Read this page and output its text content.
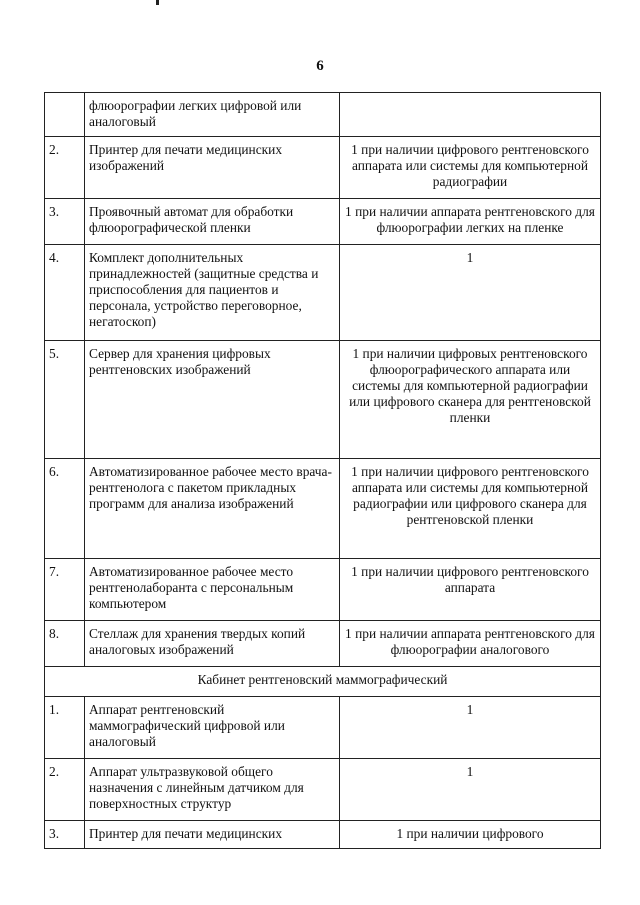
6
	флюорографии легких цифровой или аналоговый	
2.	Принтер для печати медицинских изображений	1 при наличии цифрового рентгеновского аппарата или системы для компьютерной радиографии
3.	Проявочный автомат для обработки флюорографической пленки	1 при наличии аппарата рентгеновского для флюорографии легких на пленке
4.	Комплект дополнительных принадлежностей (защитные средства и приспособления для пациентов и персонала, устройство переговорное, негатоскоп)	1
5.	Сервер для хранения цифровых рентгеновских изображений	1 при наличии цифровых рентгеновского флюорографического аппарата или системы для компьютерной радиографии или цифрового сканера для рентгеновской пленки
6.	Автоматизированное рабочее место врача-рентгенолога с пакетом прикладных программ для анализа изображений	1 при наличии цифрового рентгеновского аппарата или системы для компьютерной радиографии или цифрового сканера для рентгеновской пленки
7.	Автоматизированное рабочее место рентгенолаборанта с персональным компьютером	1 при наличии цифрового рентгеновского аппарата
8.	Стеллаж для хранения твердых копий аналоговых изображений	1 при наличии аппарата рентгеновского для флюорографии аналогового
Кабинет рентгеновский маммографический		
1.	Аппарат рентгеновский маммографический цифровой или аналоговый	1
2.	Аппарат ультразвуковой общего назначения с линейным датчиком для поверхностных структур	1
3.	Принтер для печати медицинских	1 при наличии цифрового
